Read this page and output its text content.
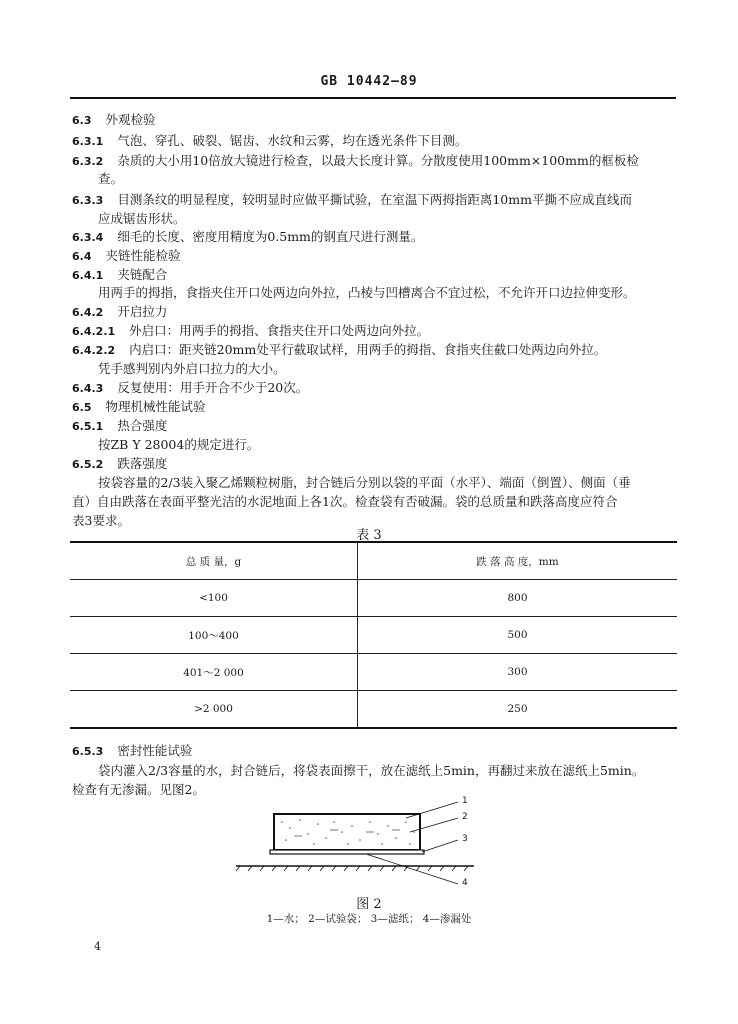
GB 10442—89
6.3 外观检验
6.3.1 气泡、穿孔、破裂、锯齿、水纹和云雾，均在透光条件下目测。
6.3.2 杂质的大小用10倍放大镜进行检查，以最大长度计算。分散度使用100mm×100mm的框板检
查。
6.3.3 目测条纹的明显程度，较明显时应做平撕试验，在室温下两拇指距离10mm平撕不应成直线而
应成锯齿形状。
6.3.4 细毛的长度、密度用精度为0.5mm的钢直尺进行测量。
6.4 夹链性能检验
6.4.1 夹链配合
用两手的拇指，食指夹住开口处两边向外拉，凸棱与凹槽离合不宜过松，不允许开口边拉伸变形。
6.4.2 开启拉力
6.4.2.1 外启口：用两手的拇指、食指夹住开口处两边向外拉。
6.4.2.2 内启口：距夹链20mm处平行截取试样，用两手的拇指、食指夹住截口处两边向外拉。
凭手感判别内外启口拉力的大小。
6.4.3 反复使用：用手开合不少于20次。
6.5 物理机械性能试验
6.5.1 热合强度
按ZB Y 28004的规定进行。
6.5.2 跌落强度
按袋容量的2/3装入聚乙烯颗粒树脂，封合链后分别以袋的平面（水平）、端面（倒置）、侧面（垂
直）自由跌落在表面平整光洁的水泥地面上各1次。检查袋有否破漏。袋的总质量和跌落高度应符合
表3要求。
表 3
总 质 量，g	跌 落 高 度，mm
<100	800
100～400	500
401～2 000	300
>2 000	250
6.5.3 密封性能试验
袋内灌入2/3容量的水，封合链后，将袋表面擦干，放在滤纸上5min，再翻过来放在滤纸上5min。
检查有无渗漏。见图2。
1
2
3
4
图 2
1—水； 2—试验袋； 3—滤纸； 4—渗漏处
4
